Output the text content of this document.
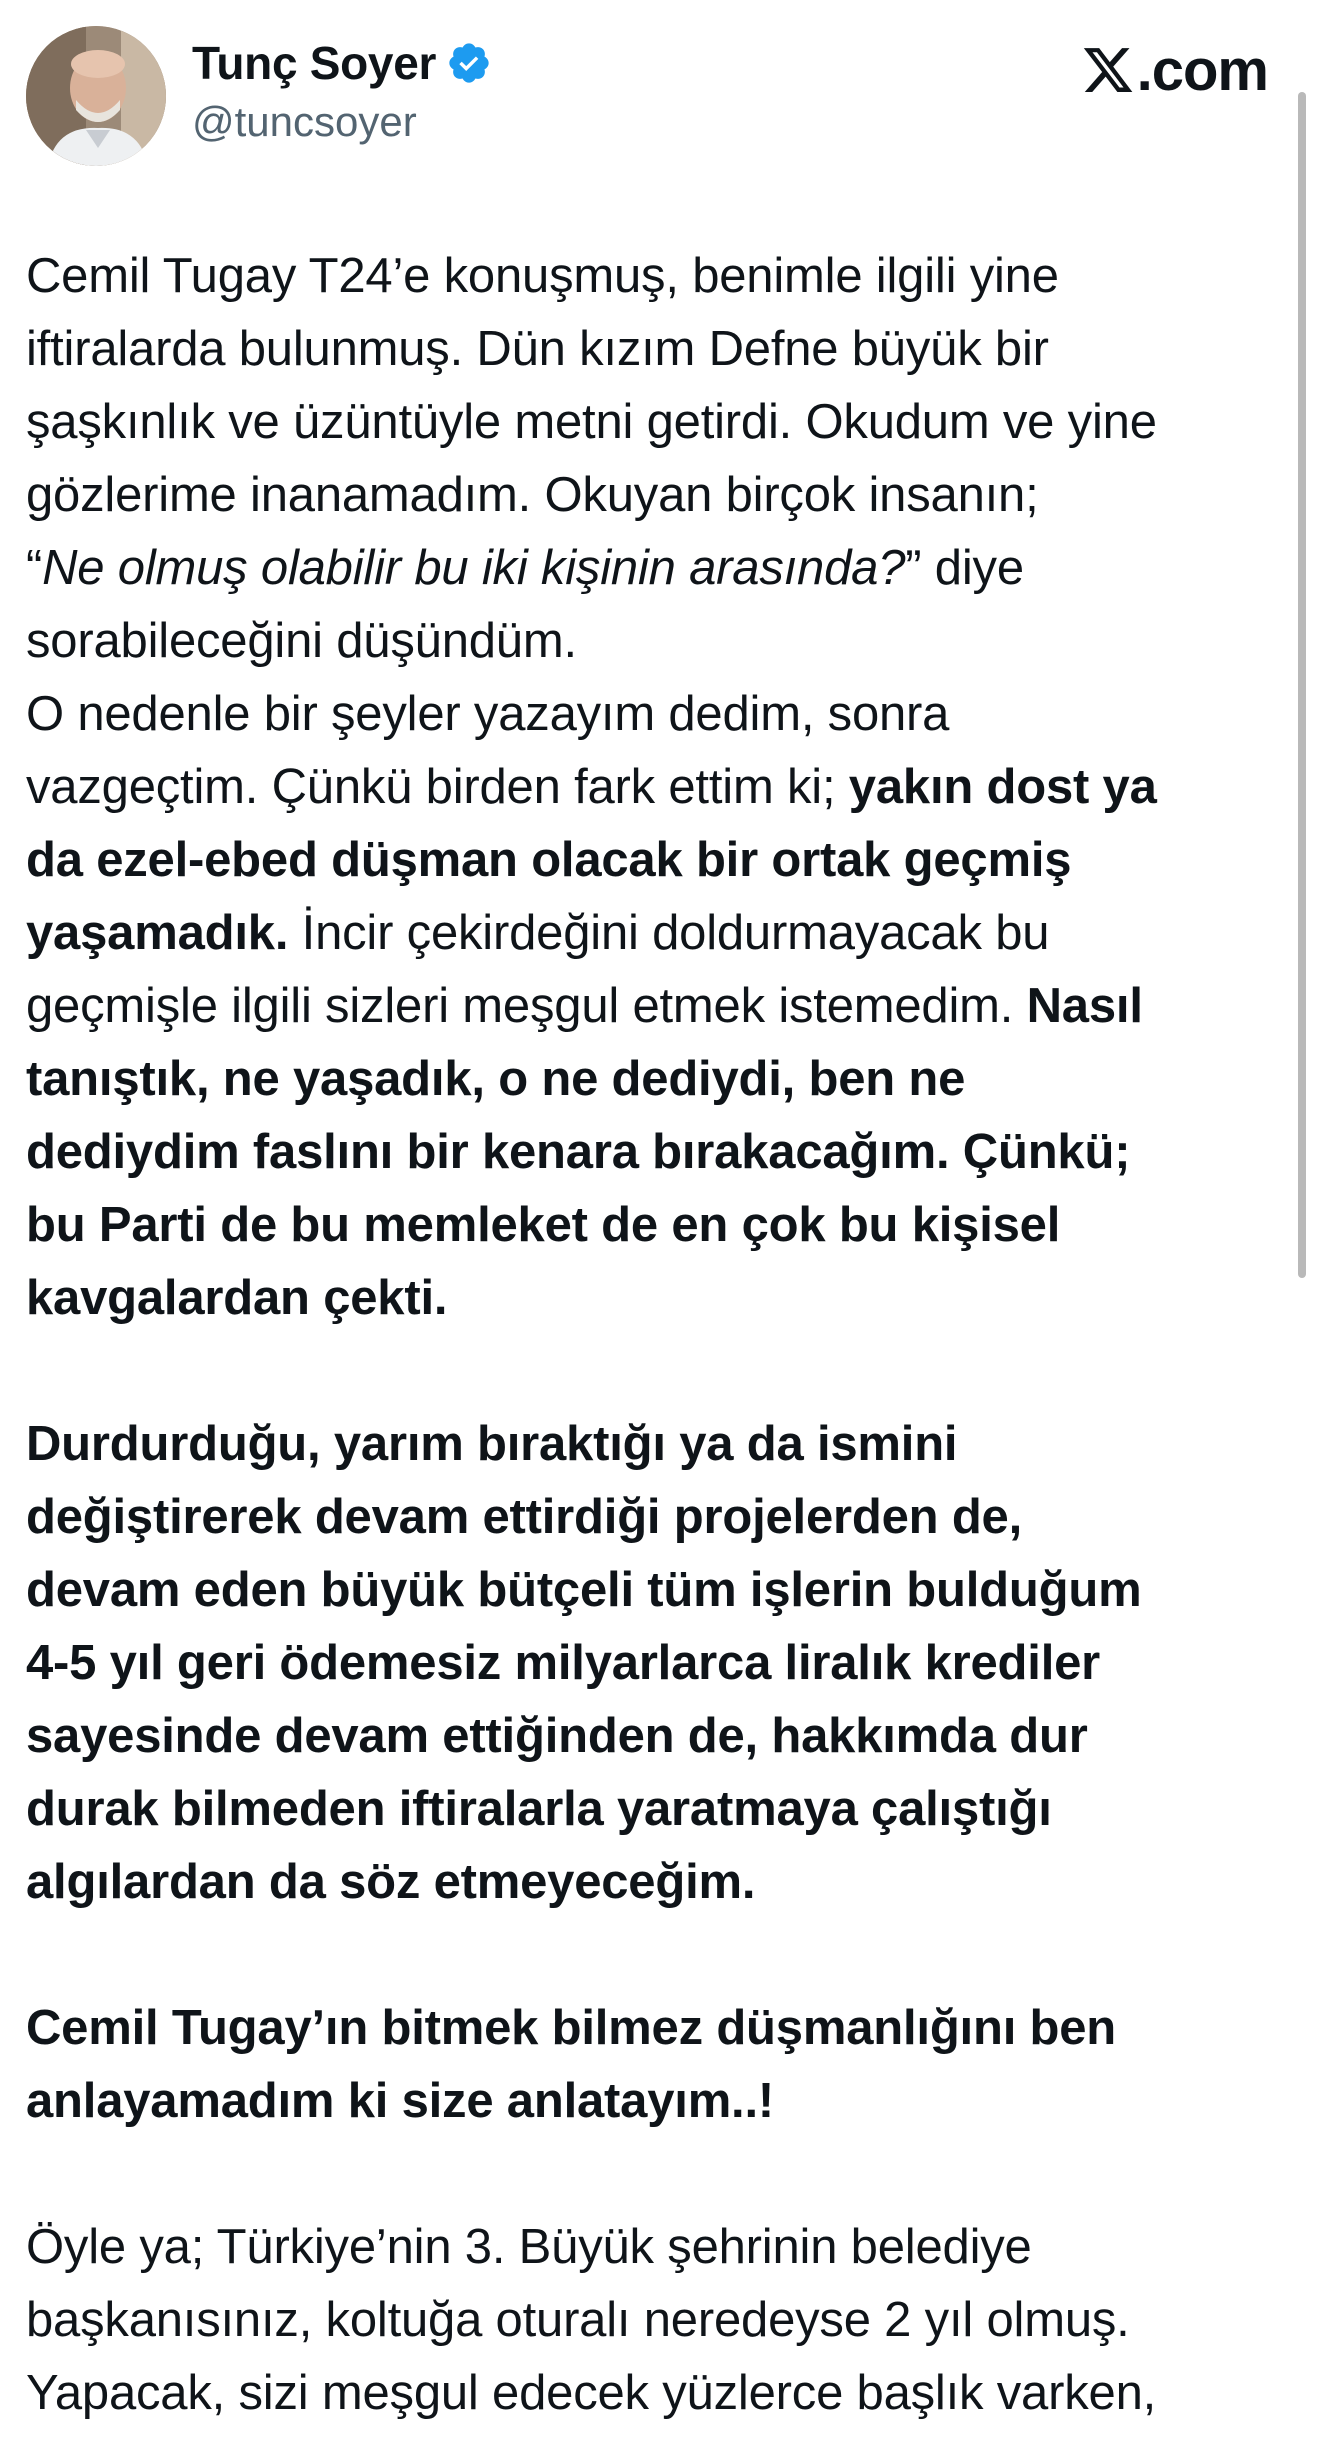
Tunç Soyer
@tuncsoyer
.com

Cemil Tugay T24’e konuşmuş, benimle ilgili yine
iftiralarda bulunmuş. Dün kızım Defne büyük bir
şaşkınlık ve üzüntüyle metni getirdi. Okudum ve yine
gözlerime inanamadım. Okuyan birçok insanın;
“Ne olmuş olabilir bu iki kişinin arasında?” diye
sorabileceğini düşündüm.

O nedenle bir şeyler yazayım dedim, sonra
vazgeçtim. Çünkü birden fark ettim ki; yakın dost ya
da ezel-ebed düşman olacak bir ortak geçmiş
yaşamadık. İncir çekirdeğini doldurmayacak bu
geçmişle ilgili sizleri meşgul etmek istemedim. Nasıl
tanıştık, ne yaşadık, o ne dediydi, ben ne
dediydim faslını bir kenara bırakacağım. Çünkü;
bu Parti de bu memleket de en çok bu kişisel
kavgalardan çekti.

Durdurduğu, yarım bıraktığı ya da ismini
değiştirerek devam ettirdiği projelerden de,
devam eden büyük bütçeli tüm işlerin bulduğum
4-5 yıl geri ödemesiz milyarlarca liralık krediler
sayesinde devam ettiğinden de, hakkımda dur
durak bilmeden iftiralarla yaratmaya çalıştığı
algılardan da söz etmeyeceğim.

Cemil Tugay’ın bitmek bilmez düşmanlığını ben
anlayamadım ki size anlatayım..!

Öyle ya; Türkiye’nin 3. Büyük şehrinin belediye
başkanısınız, koltuğa oturalı neredeyse 2 yıl olmuş.
Yapacak, sizi meşgul edecek yüzlerce başlık varken,
